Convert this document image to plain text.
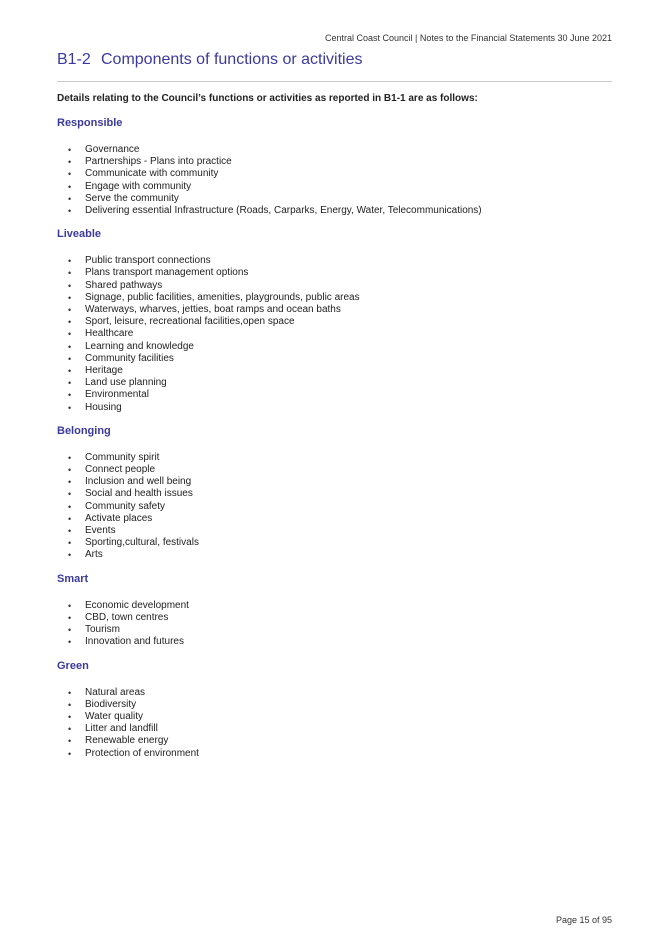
Central Coast Council | Notes to the Financial Statements 30 June 2021
B1-2 Components of functions or activities
Details relating to the Council’s functions or activities as reported in B1-1 are as follows:
Responsible
• Governance
• Partnerships - Plans into practice
• Communicate with community
• Engage with community
• Serve the community
• Delivering essential Infrastructure (Roads, Carparks, Energy, Water, Telecommunications)
Liveable
• Public transport connections
• Plans transport management options
• Shared pathways
• Signage, public facilities, amenities, playgrounds, public areas
• Waterways, wharves, jetties, boat ramps and ocean baths
• Sport, leisure, recreational facilities,open space
• Healthcare
• Learning and knowledge
• Community facilities
• Heritage
• Land use planning
• Environmental
• Housing
Belonging
• Community spirit
• Connect people
• Inclusion and well being
• Social and health issues
• Community safety
• Activate places
• Events
• Sporting,cultural, festivals
• Arts
Smart
• Economic development
• CBD, town centres
• Tourism
• Innovation and futures
Green
• Natural areas
• Biodiversity
• Water quality
• Litter and landfill
• Renewable energy
• Protection of environment
Page 15 of 95
